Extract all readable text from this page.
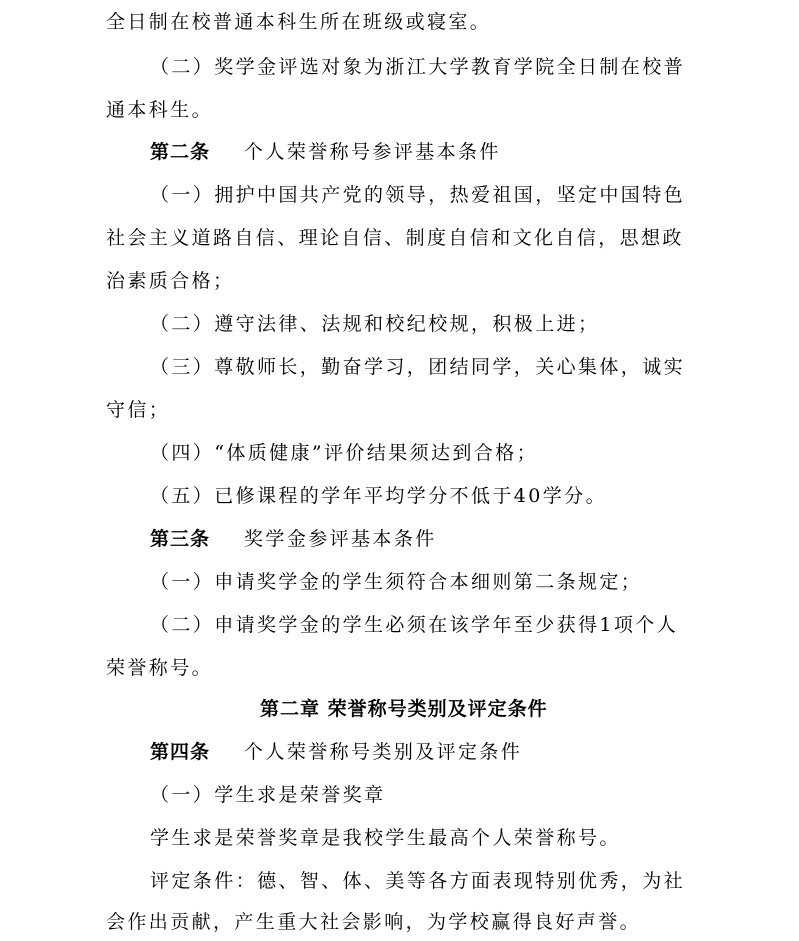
全日制在校普通本科生所在班级或寝室。
（二）奖学金评选对象为浙江大学教育学院全日制在校普
通本科生。
第二条 个人荣誉称号参评基本条件
（一）拥护中国共产党的领导，热爱祖国，坚定中国特色
社会主义道路自信、理论自信、制度自信和文化自信，思想政
治素质合格；
（二）遵守法律、法规和校纪校规，积极上进；
（三）尊敬师长，勤奋学习，团结同学，关心集体，诚实
守信；
（四）“体质健康”评价结果须达到合格；
（五）已修课程的学年平均学分不低于40学分。
第三条 奖学金参评基本条件
（一）申请奖学金的学生须符合本细则第二条规定；
（二）申请奖学金的学生必须在该学年至少获得1项个人
荣誉称号。
第二章 荣誉称号类别及评定条件
第四条 个人荣誉称号类别及评定条件
（一）学生求是荣誉奖章
学生求是荣誉奖章是我校学生最高个人荣誉称号。
评定条件：德、智、体、美等各方面表现特别优秀，为社
会作出贡献，产生重大社会影响，为学校赢得良好声誉。
